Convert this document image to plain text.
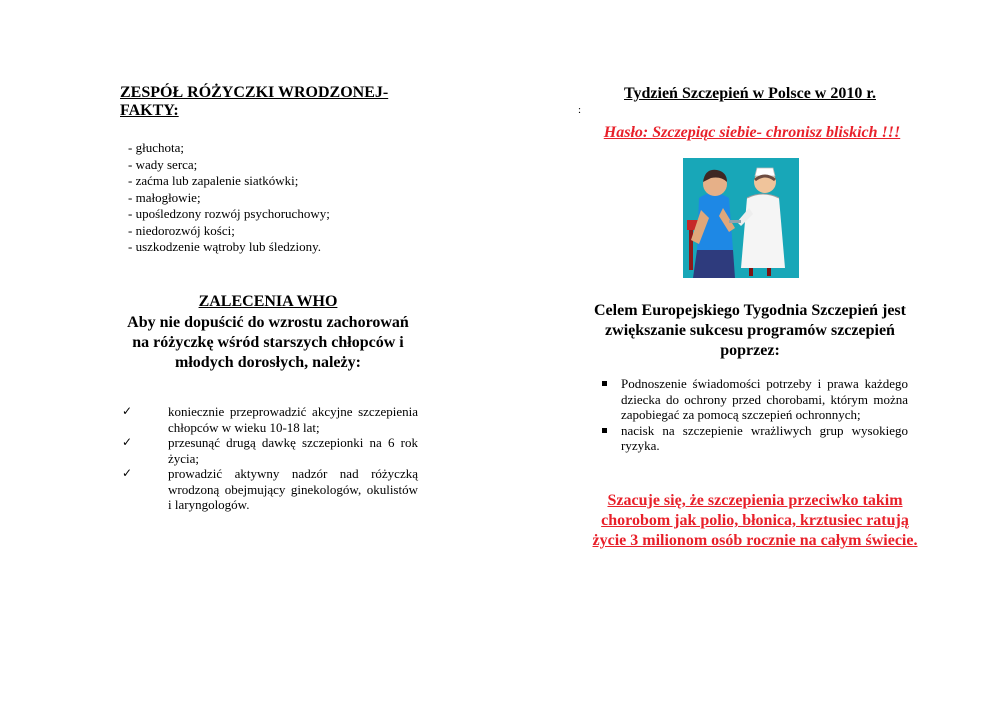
ZESPÓŁ RÓŻYCZKI WRODZONEJ- FAKTY:
- głuchota;
- wady serca;
- zaćma lub zapalenie siatkówki;
- małogłowie;
- upośledzony rozwój psychoruchowy;
- niedorozwój kości;
- uszkodzenie wątroby lub śledziony.
ZALECENIA WHO
Aby nie dopuścić do wzrostu zachorowań na różyczkę wśród starszych chłopców i młodych dorosłych, należy:
✓	koniecznie przeprowadzić akcyjne szczepienia chłopców w wieku 10-18 lat;
✓	przesunąć drugą dawkę szczepionki na 6 rok życia;
✓	prowadzić aktywny nadzór nad różyczką wrodzoną obejmujący ginekologów, okulistów i laryngologów.
Tydzień Szczepień w Polsce w 2010 r.
:
Hasło: Szczepiąc siebie- chronisz bliskich !!!
Celem Europejskiego Tygodnia Szczepień jest zwiększanie sukcesu programów szczepień poprzez:
Podnoszenie świadomości potrzeby i prawa każdego dziecka do ochrony przed chorobami, którym można zapobiegać za pomocą szczepień ochronnych;
nacisk na szczepienie wrażliwych grup wysokiego ryzyka.
Szacuje się, że szczepienia przeciwko takim chorobom jak polio, błonica, krztusiec ratują życie 3 milionom osób rocznie na całym świecie.
